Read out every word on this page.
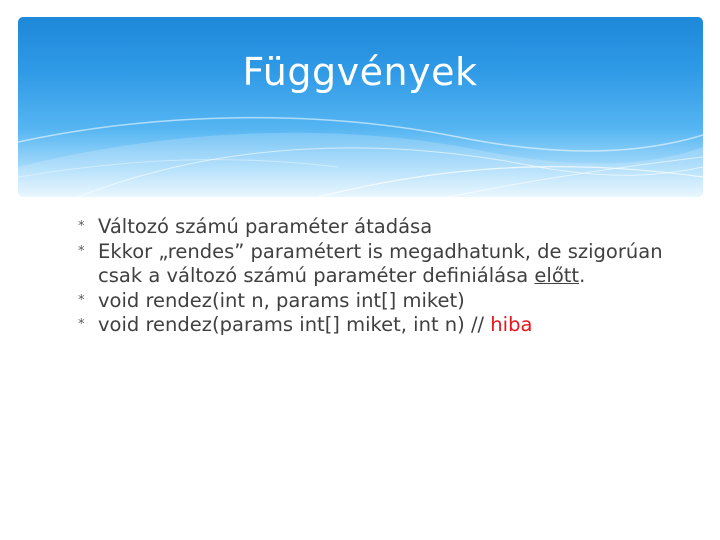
Függvények
* Változó számú paraméter átadása
* Ekkor „rendes” paramétert is megadhatunk, de szigorúan csak a változó számú paraméter definiálása előtt.
* void rendez(int n, params int[] miket)
* void rendez(params int[] miket, int n) // hiba
